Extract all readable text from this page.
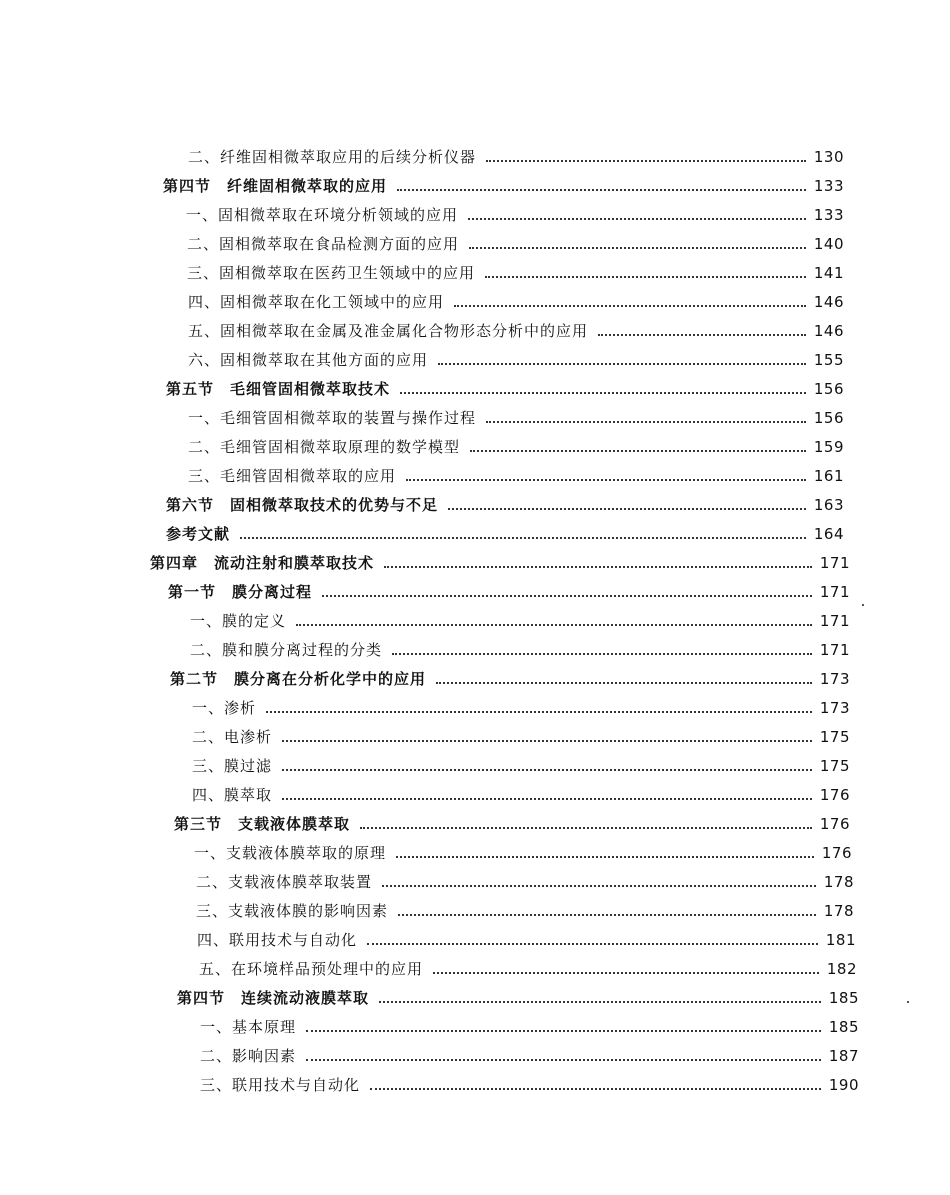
二、纤维固相微萃取应用的后续分析仪器	130
第四节　纤维固相微萃取的应用	133
一、固相微萃取在环境分析领域的应用	133
二、固相微萃取在食品检测方面的应用	140
三、固相微萃取在医药卫生领域中的应用	141
四、固相微萃取在化工领域中的应用	146
五、固相微萃取在金属及准金属化合物形态分析中的应用	146
六、固相微萃取在其他方面的应用	155
第五节　毛细管固相微萃取技术	156
一、毛细管固相微萃取的装置与操作过程	156
二、毛细管固相微萃取原理的数学模型	159
三、毛细管固相微萃取的应用	161
第六节　固相微萃取技术的优势与不足	163
参考文献	164
第四章　流动注射和膜萃取技术	171
第一节　膜分离过程	171
一、膜的定义	171
二、膜和膜分离过程的分类	171
第二节　膜分离在分析化学中的应用	173
一、渗析	173
二、电渗析	175
三、膜过滤	175
四、膜萃取	176
第三节　支载液体膜萃取	176
一、支载液体膜萃取的原理	176
二、支载液体膜萃取装置	178
三、支载液体膜的影响因素	178
四、联用技术与自动化	181
五、在环境样品预处理中的应用	182
第四节　连续流动液膜萃取	185
一、基本原理	185
二、影响因素	187
三、联用技术与自动化	190
